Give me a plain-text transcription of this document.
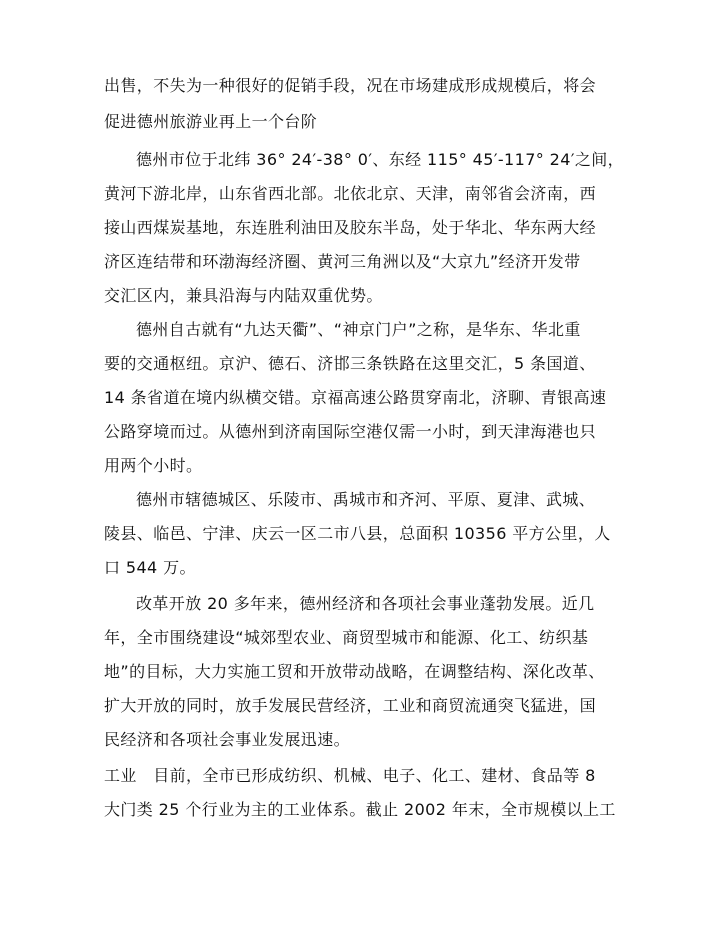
出售，不失为一种很好的促销手段，况在市场建成形成规模后，将会
促进德州旅游业再上一个台阶
德州市位于北纬 36° 24′-38° 0′、东经 115° 45′-117° 24′之间，
黄河下游北岸，山东省西北部。北依北京、天津，南邻省会济南，西
接山西煤炭基地，东连胜利油田及胶东半岛，处于华北、华东两大经
济区连结带和环渤海经济圈、黄河三角洲以及“大京九”经济开发带
交汇区内，兼具沿海与内陆双重优势。
德州自古就有“九达天衢”、“神京门户”之称，是华东、华北重
要的交通枢纽。京沪、德石、济邯三条铁路在这里交汇，5 条国道、
14 条省道在境内纵横交错。京福高速公路贯穿南北，济聊、青银高速
公路穿境而过。从德州到济南国际空港仅需一小时，到天津海港也只
用两个小时。
德州市辖德城区、乐陵市、禹城市和齐河、平原、夏津、武城、
陵县、临邑、宁津、庆云一区二市八县，总面积 10356 平方公里，人
口 544 万。
改革开放 20 多年来，德州经济和各项社会事业蓬勃发展。近几
年，全市围绕建设“城郊型农业、商贸型城市和能源、化工、纺织基
地”的目标，大力实施工贸和开放带动战略，在调整结构、深化改革、
扩大开放的同时，放手发展民营经济，工业和商贸流通突飞猛进，国
民经济和各项社会事业发展迅速。
工业　目前，全市已形成纺织、机械、电子、化工、建材、食品等 8
大门类 25 个行业为主的工业体系。截止 2002 年末，全市规模以上工
